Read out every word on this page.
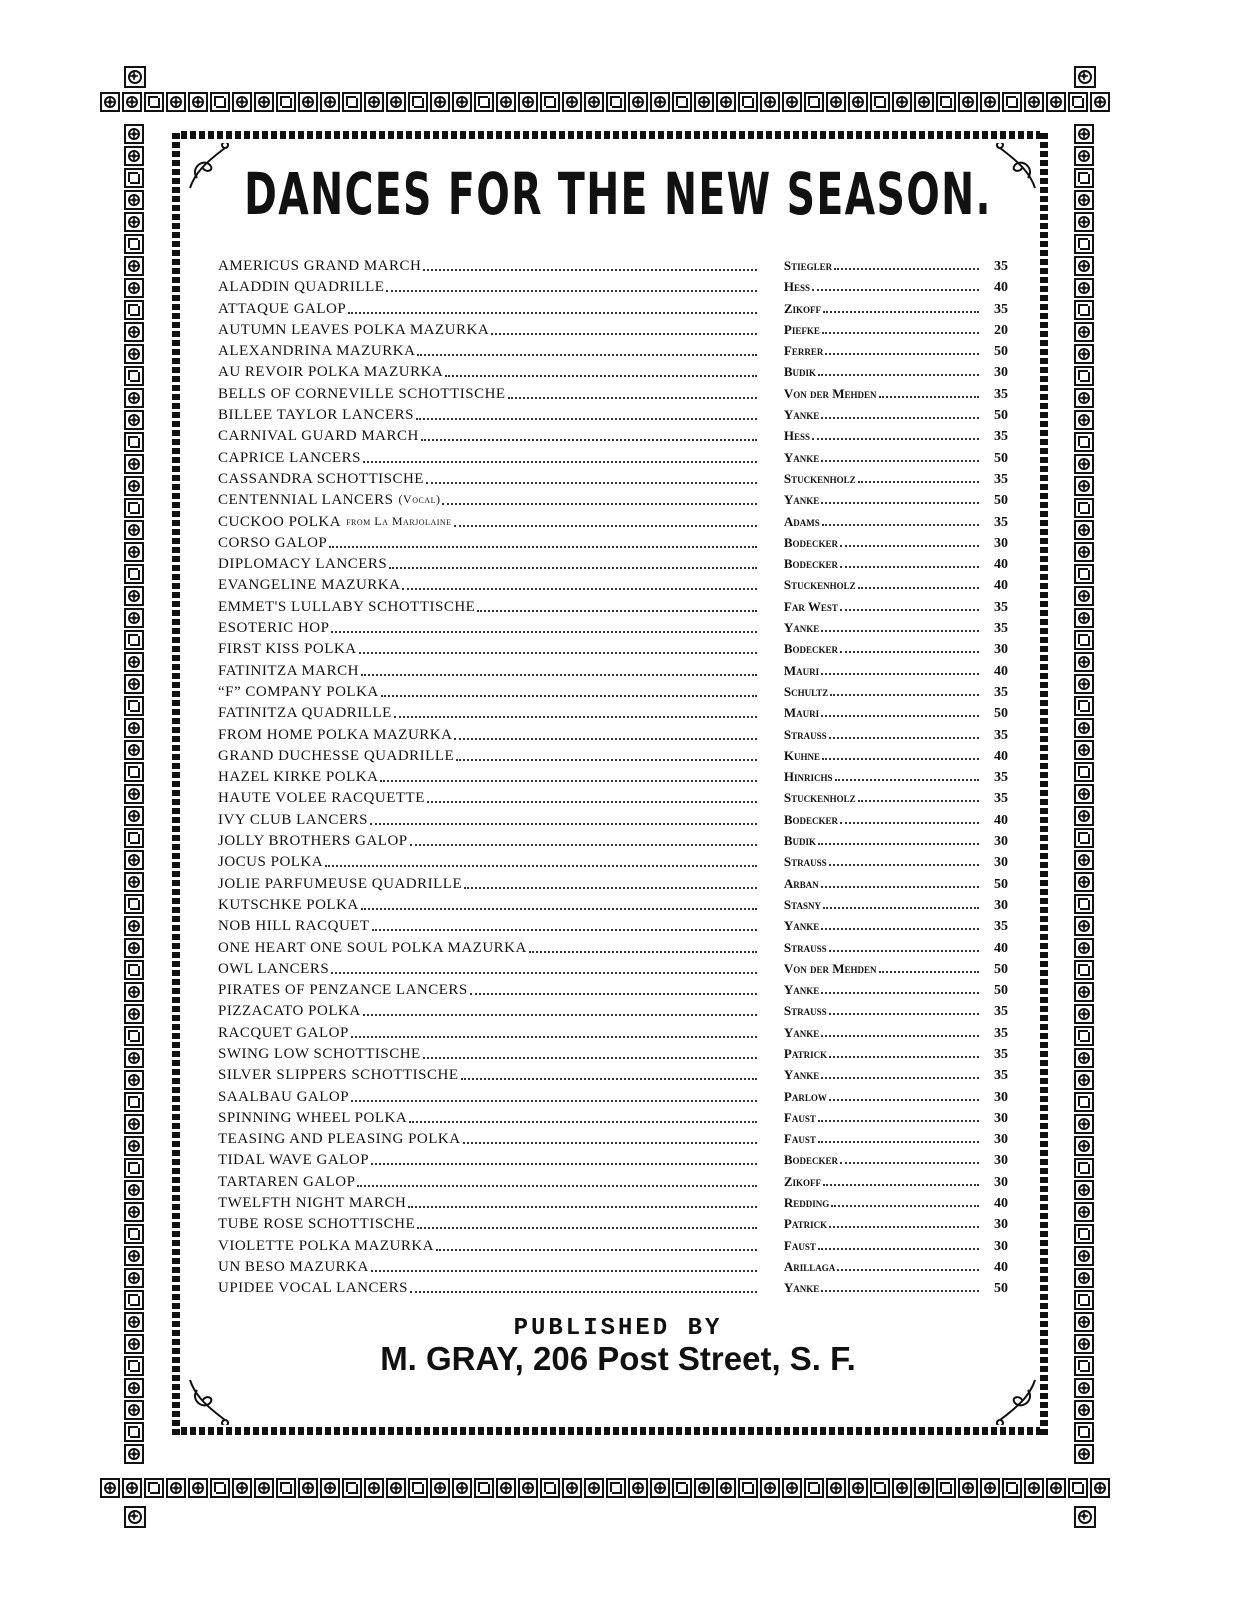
DANCES FOR THE NEW SEASON.
AMERICUS GRAND MARCH	Stiegler	35
ALADDIN QUADRILLE	Hess	40
ATTAQUE GALOP	Zikoff	35
AUTUMN LEAVES POLKA MAZURKA	Piefke	20
ALEXANDRINA MAZURKA	Ferrer	50
AU REVOIR POLKA MAZURKA	Budik	30
BELLS OF CORNEVILLE SCHOTTISCHE	Von der Mehden	35
BILLEE TAYLOR LANCERS	Yanke	50
CARNIVAL GUARD MARCH	Hess	35
CAPRICE LANCERS	Yanke	50
CASSANDRA SCHOTTISCHE	Stuckenholz	35
CENTENNIAL LANCERS (Vocal)	Yanke	50
CUCKOO POLKA from La Marjolaine	Adams	35
CORSO GALOP	Bodecker	30
DIPLOMACY LANCERS	Bodecker	40
EVANGELINE MAZURKA	Stuckenholz	40
EMMET'S LULLABY SCHOTTISCHE	Far West	35
ESOTERIC HOP	Yanke	35
FIRST KISS POLKA	Bodecker	30
FATINITZA MARCH	Mauri	40
“F” COMPANY POLKA	Schultz	35
FATINITZA QUADRILLE	Mauri	50
FROM HOME POLKA MAZURKA	Strauss	35
GRAND DUCHESSE QUADRILLE	Kuhne	40
HAZEL KIRKE POLKA	Hinrichs	35
HAUTE VOLEE RACQUETTE	Stuckenholz	35
IVY CLUB LANCERS	Bodecker	40
JOLLY BROTHERS GALOP	Budik	30
JOCUS POLKA	Strauss	30
JOLIE PARFUMEUSE QUADRILLE	Arban	50
KUTSCHKE POLKA	Stasny	30
NOB HILL RACQUET	Yanke	35
ONE HEART ONE SOUL POLKA MAZURKA	Strauss	40
OWL LANCERS	Von der Mehden	50
PIRATES OF PENZANCE LANCERS	Yanke	50
PIZZACATO POLKA	Strauss	35
RACQUET GALOP	Yanke	35
SWING LOW SCHOTTISCHE	Patrick	35
SILVER SLIPPERS SCHOTTISCHE	Yanke	35
SAALBAU GALOP	Parlow	30
SPINNING WHEEL POLKA	Faust	30
TEASING AND PLEASING POLKA	Faust	30
TIDAL WAVE GALOP	Bodecker	30
TARTAREN GALOP	Zikoff	30
TWELFTH NIGHT MARCH	Redding	40
TUBE ROSE SCHOTTISCHE	Patrick	30
VIOLETTE POLKA MAZURKA	Faust	30
UN BESO MAZURKA	Arillaga	40
UPIDEE VOCAL LANCERS	Yanke	50
PUBLISHED BY
M. GRAY, 206 Post Street, S. F.
